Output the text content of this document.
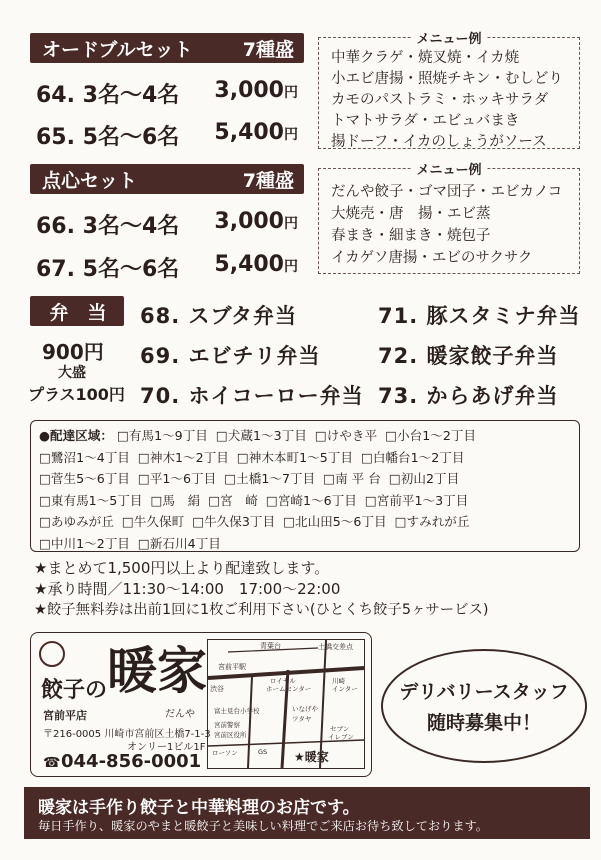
オードブルセット	7種盛
64. 3名〜4名 3,000円
65. 5名〜6名 5,400円
メニュー例
中華クラゲ・焼叉焼・イカ焼
小エビ唐揚・照焼チキン・むしどり
カモのパストラミ・ホッキサラダ
トマトサラダ・エビュバまき
揚ドーフ・イカのしょうがソース
点心セット	7種盛
66. 3名〜4名 3,000円
67. 5名〜6名 5,400円
メニュー例
だんや餃子・ゴマ団子・エビカノコ
大焼売・唐　揚・エビ蒸
春まき・細まき・焼包子
イカゲソ唐揚・エビのサクサク
弁　当
900円
大盛
プラス100円
68. スブタ弁当
69. エビチリ弁当
70. ホイコーロー弁当
71. 豚スタミナ弁当
72. 暖家餃子弁当
73. からあげ弁当
●配達区域： □有馬1〜9丁目 □犬蔵1〜3丁目 □けやき平 □小台1〜2丁目
□鷺沼1〜4丁目 □神木1〜2丁目 □神木本町1〜5丁目 □白幡台1〜2丁目
□菅生5〜6丁目 □平1〜6丁目 □土橋1〜7丁目 □南 平 台 □初山2丁目
□東有馬1〜5丁目 □馬　絹 □宮　崎 □宮崎1〜6丁目 □宮前平1〜3丁目
□あゆみが丘 □牛久保町 □牛久保3丁目 □北山田5〜6丁目 □すみれが丘
□中川1〜2丁目 □新石川4丁目
★まとめて1,500円以上より配達致します。
★承り時間／11:30〜14:00　17:00〜22:00
★餃子無料券は出前1回に1枚ご利用下さい(ひとくち餃子5ヶサービス)
餃子の 暖家
だんや
宮前平店
〒216-0005 川崎市宮前区土橋7-1-3
オンリー1ビル1F
☎ 044-856-0001
青葉台	土橋交差点
宮前平駅
渋谷
ロイヤル
ホームセンター
川崎
インター
富士見台小学校
宮前警察
宮前区役所
いなげや
ツタヤ
セブン
イレブン
ローソン	GS ★暖家
デリバリースタッフ
随時募集中！
暖家は手作り餃子と中華料理のお店です。
毎日手作り、暖家のやまと暖餃子と美味しい料理でご来店お待ち致しております。
